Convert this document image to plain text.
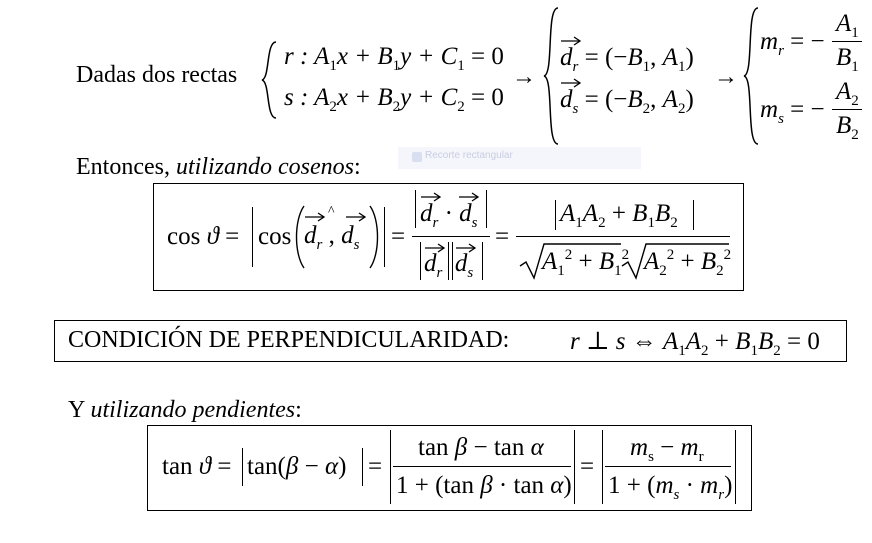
Dadas dos rectas
r : $A_1x + B_1y + C_1 = 0$
s : $A_2x + B_2y + C_2 = 0$
→
$d_r = (-B_1$, $A_1$)
$d_s = (-B_2$, $A_2$)
→
$m_r$ = −
$A_1$
$B_1$
$m_s$ = −
$A_2$
$B_2$
Entonces, utilizando cosenos:	Recorte rectangular
cos ϑ = cos
^
$d_r$ , $d_s$ =
$d_r \cdot d_s$
$d_r$ $d_s$
=
$A_1A_2 + B_1B_2$
$A_1^2 + B_1^2$ $A_2^2 + B_2^2$
CONDICIÓN DE PERPENDICULARIDAD: r ⊥ s ⇔ $A_1A_2 + B_1B_2 = 0$
Y utilizando pendientes:
tan ϑ = tan(β − α) =
tan β − tan α
1 + (tan β · tan α)
=
$m_s - m_r$
$1 + (m_s \cdot m_r)$
